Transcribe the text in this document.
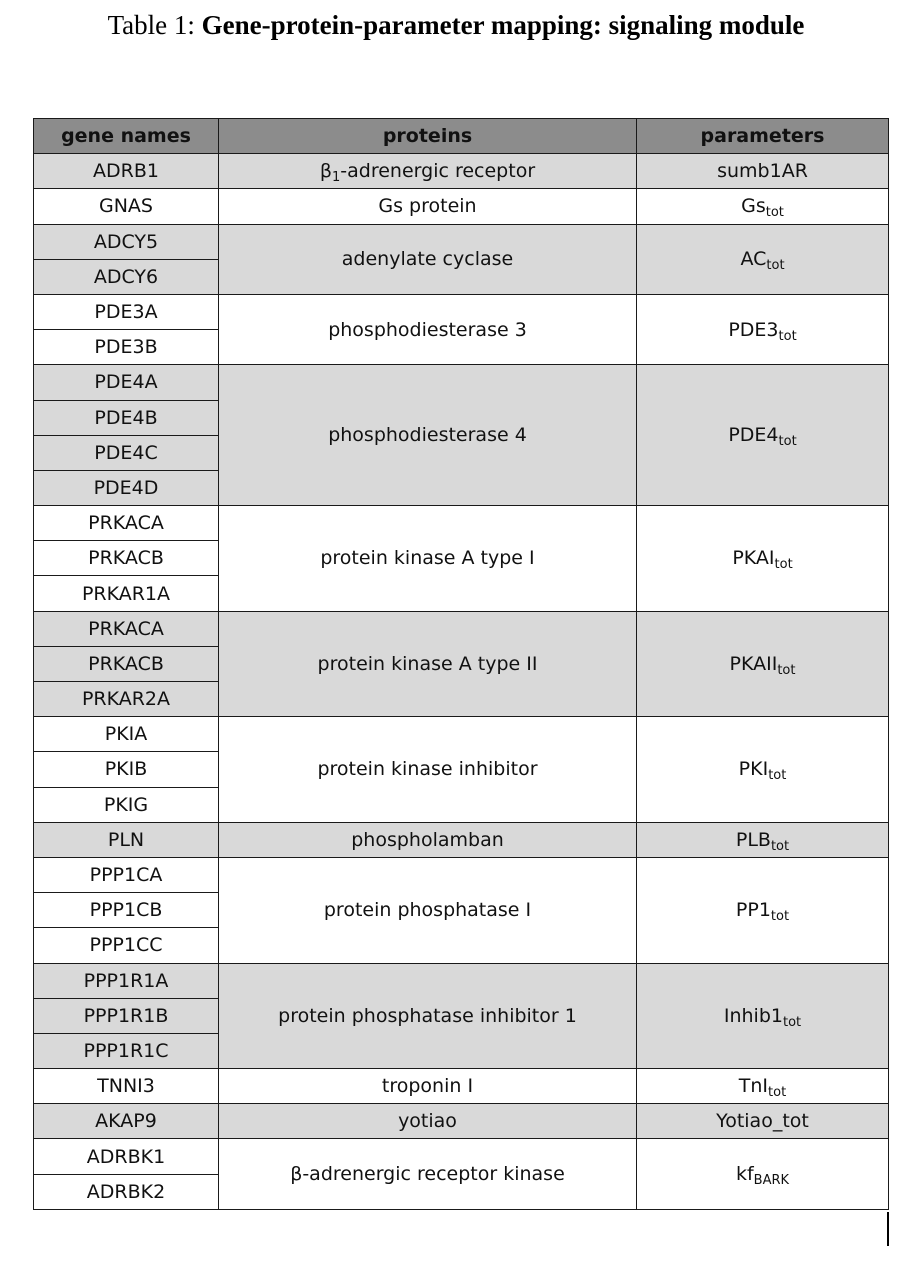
Table 1: Gene-protein-parameter mapping: signaling module
gene names	proteins	parameters
ADRB1	$\beta_1$-adrenergic receptor	sumb1AR
GNAS	Gs protein	$Gs_{tot}$
ADCY5	adenylate cyclase	$AC_{tot}$
ADCY6		
PDE3A	phosphodiesterase 3	$PDE3_{tot}$
PDE3B		
PDE4A	phosphodiesterase 4	$PDE4_{tot}$
PDE4B		
PDE4C		
PDE4D		
PRKACA	protein kinase A type I	$PKAI_{tot}$
PRKACB		
PRKAR1A		
PRKACA	protein kinase A type II	$PKAII_{tot}$
PRKACB		
PRKAR2A		
PKIA	protein kinase inhibitor	$PKI_{tot}$
PKIB		
PKIG		
PLN	phospholamban	$PLB_{tot}$
PPP1CA	protein phosphatase I	$PP1_{tot}$
PPP1CB		
PPP1CC		
PPP1R1A	protein phosphatase inhibitor 1	$Inhib1_{tot}$
PPP1R1B		
PPP1R1C		
TNNI3	troponin I	TnI$_{tot}$
AKAP9	yotiao	Yotiao_tot
ADRBK1	β-adrenergic receptor kinase	$kf_{BARK}$
ADRBK2		
